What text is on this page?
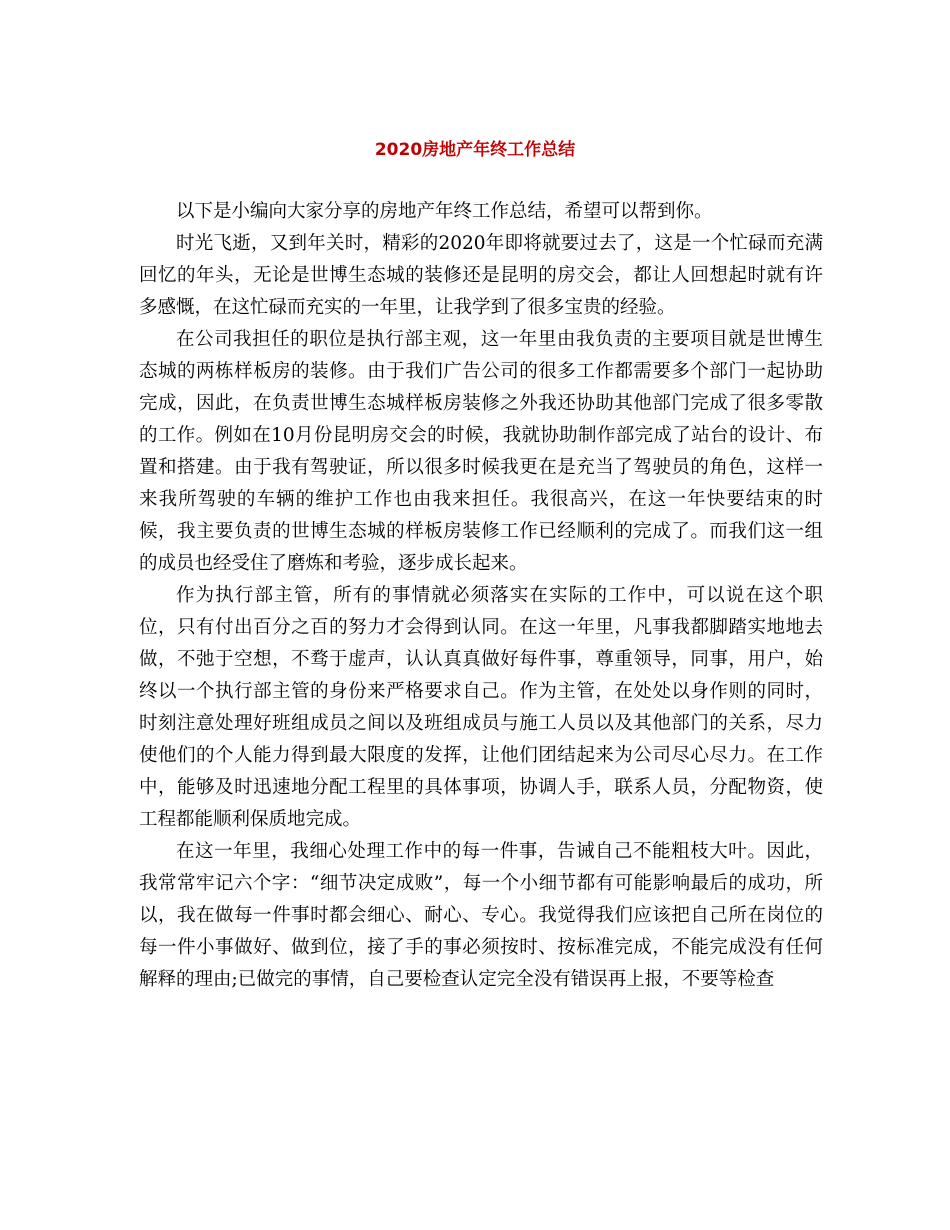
2020房地产年终工作总结

以下是小编向大家分享的房地产年终工作总结，希望可以帮到你。

时光飞逝，又到年关时，精彩的2020年即将就要过去了，这是一个忙碌而充满回忆的年头，无论是世博生态城的装修还是昆明的房交会，都让人回想起时就有许多感慨，在这忙碌而充实的一年里，让我学到了很多宝贵的经验。

在公司我担任的职位是执行部主观，这一年里由我负责的主要项目就是世博生态城的两栋样板房的装修。由于我们广告公司的很多工作都需要多个部门一起协助完成，因此，在负责世博生态城样板房装修之外我还协助其他部门完成了很多零散的工作。例如在10月份昆明房交会的时候，我就协助制作部完成了站台的设计、布置和搭建。由于我有驾驶证，所以很多时候我更在是充当了驾驶员的角色，这样一来我所驾驶的车辆的维护工作也由我来担任。我很高兴，在这一年快要结束的时候，我主要负责的世博生态城的样板房装修工作已经顺利的完成了。而我们这一组的成员也经受住了磨炼和考验，逐步成长起来。

作为执行部主管，所有的事情就必须落实在实际的工作中，可以说在这个职位，只有付出百分之百的努力才会得到认同。在这一年里，凡事我都脚踏实地地去做，不弛于空想，不骛于虚声，认认真真做好每件事，尊重领导，同事，用户，始终以一个执行部主管的身份来严格要求自己。作为主管，在处处以身作则的同时，时刻注意处理好班组成员之间以及班组成员与施工人员以及其他部门的关系，尽力使他们的个人能力得到最大限度的发挥，让他们团结起来为公司尽心尽力。在工作中，能够及时迅速地分配工程里的具体事项，协调人手，联系人员，分配物资，使工程都能顺利保质地完成。

在这一年里，我细心处理工作中的每一件事，告诫自己不能粗枝大叶。因此，我常常牢记六个字：“细节决定成败”，每一个小细节都有可能影响最后的成功，所以，我在做每一件事时都会细心、耐心、专心。我觉得我们应该把自己所在岗位的每一件小事做好、做到位，接了手的事必须按时、按标准完成，不能完成没有任何解释的理由;已做完的事情，自己要检查认定完全没有错误再上报，不要等检查
